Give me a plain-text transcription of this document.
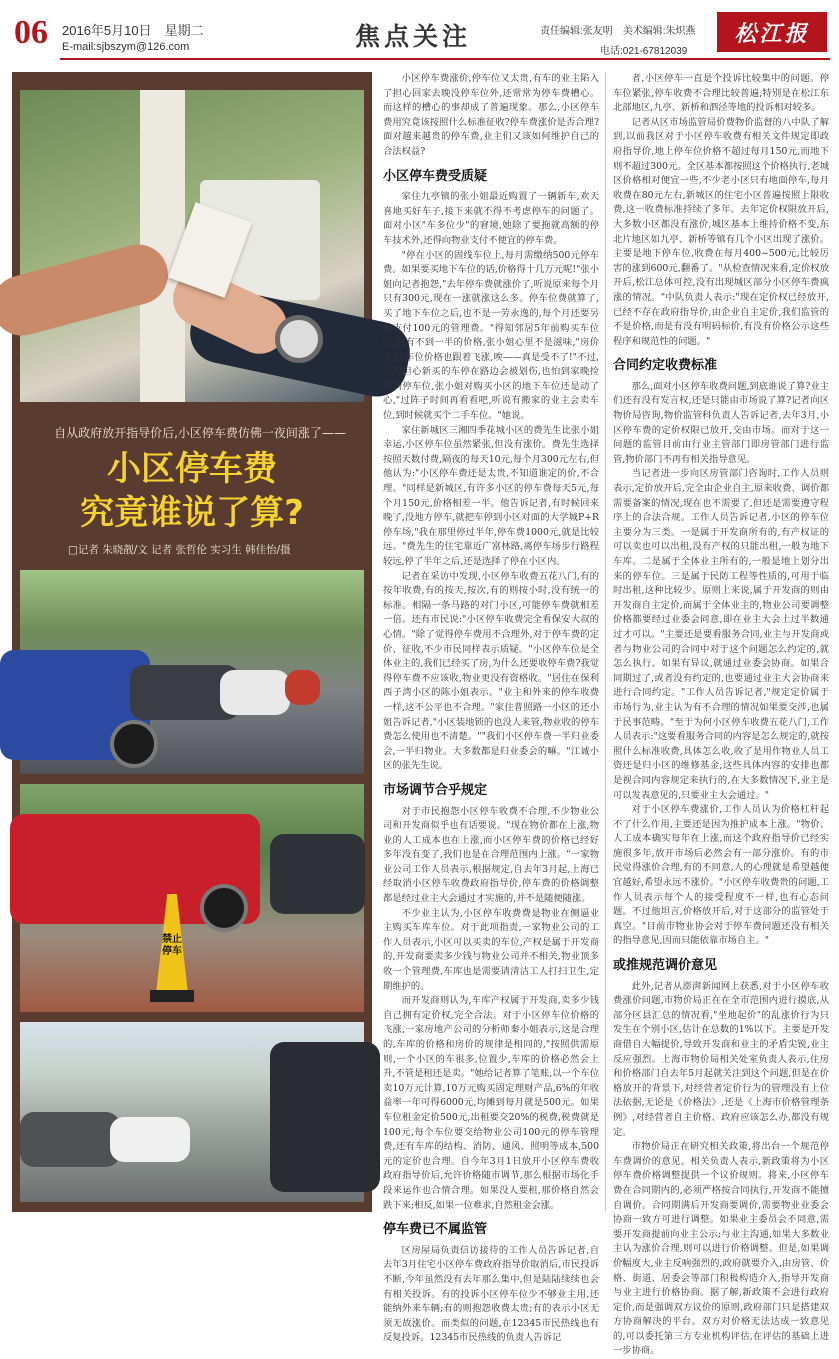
06 2016年5月10日　星期二
E-mail:sjbszym@126.com	焦点关注	责任编辑:张友明　美术编辑:朱炽燕
电话:021-67812039
松江报
自从政府放开指导价后,小区停车费仿佛一夜间涨了——
小区停车费
究竟谁说了算?
□记者 朱晓靓/文 记者 张哲伦 实习生 韩佳怡/摄
禁止停车

小区停车费涨价,停车位又太贵,有车的业主陷入了担心回家去晚没停车位外,还常常为停车费槽心。而这样的槽心的事却成了普遍现象。那么,小区停车费用究竟该按照什么标准征收?停车费涨价是否合理?面对越来越贵的停车费,业主们又该如何维护自己的合法权益?

小区停车费受质疑

家住九亭镇的张小姐最近购置了一辆新车,欢天喜地买好车子,接下来就不得不考虑停车的问题了。面对小区"车多位少"的窘境,她除了要拖就高额的停车技术外,还得向物业支付不便宜的停车费。

"停在小区的固线车位上,每月需缴纳500元停车费。如果要买地下车位的话,价格得十几万元呢!"张小姐向记者抱怨,"去年停车费就涨价了,听说原来每个月只有300元,现在一涨就涨这么多。停车位费就算了,买了地下车位之后,也不是一劳永逸的,每个月还要另外支付100元的管理费。"得知邻居5年前购买车位时,只有不到一半的价格,张小姐心里不是滋味,"房价飞涨,车位价格也跟着飞涨,唉——真是受不了!"不过,因为担心新买的车停在路边会被划伤,也怕到家晚捡不到停车位,张小姐对购买小区的地下车位还是动了心,"过阵子时间再看看吧,听说有搬家的业主会卖车位,到时候就买个二手车位。"她说。

家住新城区三湘四季花城小区的费先生比张小姐幸运,小区停车位虽然紧张,但没有涨价。费先生选择按照天数付费,隔夜的每天10元,每个月300元左右,但他认为:"小区停车费还是太贵,不知道谁定的价,不合理。"同样是新城区,有许多小区的停车费每天5元,每个月150元,价格相差一半。他告诉记者,有时候回来晚了,没地方停车,就把车停到小区对面的大学城P+R停车场,"我在那里停过半年,停车费1000元,就是比较远。"费先生的住宅靠近广富林路,离停车场步行路程较远,停了半年之后,还是选择了停在小区内。

记者在采访中发现,小区停车收费五花八门,有的按年收费,有的按天,按次,有的则按小时,没有统一的标准。相隔一条马路的对门小区,可能停车费就相差一倍。还有市民说:"小区停车收费完全看保安大叔的心情。"除了觉得停车费用不合理外,对于停车费的定价、征收,不少市民同样表示质疑。"小区停车位是全体业主的,我们已经买了房,为什么还要收停车费?我觉得停车费不应该收,物业更没有资格收。"居住在保利西子湾小区的陈小姐表示。"业主和外来的停车收费一样,这不公平也不合理。"家住普照路一小区的还小姐告诉记者,"小区装地锁的也没人来管,物业收的停车费怎么使用也不清楚。""我们小区停车费一半归业委会,一半归物业。大多数都是归业委会的嘛。"江诚小区的张先生说。

市场调节合乎规定

对于市民抱怨小区停车收费不合理,不少物业公司和开发商似乎也有话要说。"现在物价都在上涨,物业的人工成本也在上涨,而小区停车费的价格已经好多年没有变了,我们也是在合理范围内上涨。"一家物业公司工作人员表示,根据规定,自去年3月起,上海已经取消小区停车收费政府指导价,停车费的价格调整都是经过业主大会通过才实施的,并不是随便随涨。

不少业主认为,小区停车收费费是物业在侧逼业主购买车库车位。对于此项指责,一家物业公司的工作人员表示,小区可以买卖的车位,产权是属于开发商的,开发商要卖多少钱与物业公司并不相关,物业顶多收一个管理费,车库也是需要请清洁工人打扫卫生,定期维护的。

而开发商则认为,车库产权属于开发商,卖多少钱自己拥有定价权,完全合法。对于小区停车位价格的飞涨,一家房地产公司的分析师秦小姐表示,这是合理的,车库的价格和房价的规律是相同的,"按照供需原则,一个小区的车很多,位置少,车库的价格必然会上升,不管是租还是卖。"她给记者算了笔账,以一个车位卖10万元计算,10万元购买固定理财产品,6%的年收益率一年可得6000元,均摊到每月就是500元。如果车位租金定价500元,出租要交20%的税费,税费就是100元,每个车位要交给物业公司100元的停车管理费,还有车库的结构、消防、通风、照明等成本,500元的定价也合理。自今年3月1日放开小区停车费收政府指导价后,允许价格随市调节,那么根据市场化手段来运作也合情合理。如果没人要租,那价格自然会跌下来;相反,如果一位难求,自然租金会涨。

停车费已不属监管

区房屋局负责信访接待的工作人员告诉记者,自去年3月住宅小区停车费政府指导价取消后,市民投诉不断,今年虽然没有去年那么集中,但是陆陆续续也会有相关投诉。有的投诉小区停车位少不够业主用,还能纳外来车辆;有的则抱怨收费太贵;有的表示小区无须无故涨价。而类似的问题,在12345市民热线也有反复投诉。12345市民热线的负责人告诉记

者,小区停车一直是个投诉比较集中的问题。停车位紧张,停车收费不合理比较普遍,特别是在松江东北部地区,九亭、新桥和泗泾等地的投诉相对较多。

记者从区市场监管局价费物价监督的八中队了解到,以前我区对于小区停车收费有相关文件规定即政府指导价,地上停车位价格不超过每月150元,而地下则不超过300元。全区基本都按照这个价格执行,老城区价格相对便宜一些,不少老小区只有地面停车,每月收费在80元左右,新城区的住宅小区普遍按照上限收费,这一收费标准持续了多年。去年定价权限放开后,大多数小区都没有涨价,城区基本上维持价格不变,东北片地区如九亭、新桥等镇有几个小区出现了涨价。主要是地下停车位,收费在每月400~500元,比较厉害的涨到600元,翻番了。"从检查情况来看,定价权放开后,松江总体可控,没有出现城区部分小区停车费疯涨的情况。"中队负责人表示:"现在定价权已经放开,已经不存在政府指导价,由企业自主定价,我们监管的不是价格,而是有没有明码标价,有没有价格公示这些程序和规范性的问题。"

合同约定收费标准

那么,面对小区停车收费问题,到底谁说了算?业主们还有没有发言权,还是只能由市场说了算?记者向区物价局咨询,物价监管科负责人告诉记者,去年3月,小区停车费的定价权限已放开,交由市场。而对于这一问题的监管目前由行业主管部门即房管部门进行监管,物价部门不再有相关指导意见。

当记者进一步向区房管部门咨询时,工作人员则表示,定价放开后,完全由企业自主,原来收费、调价都需要备案的情况,现在也不需要了,但还是需要遵守程序上的合法合规。工作人员告诉记者,小区的停车位主要分为三类。一是属于开发商所有的,有产权证的可以卖也可以出租,没有产权的只能出租,一般为地下车库。二是属于全体业主所有的,一般是地上划分出来的停车位。三是属于民防工程等性质的,可用于临时出租,这种比较少。原则上来说,属于开发商的则由开发商自主定价,而属于全体业主的,物业公司要调整价格都要经过业委会同意,即在业主大会上过半数通过才可以。"主要还是要看服务合同,业主与开发商或者与物业公司的合同中对于这个问题怎么约定的,就怎么执行。如果有异议,就通过业委会协商。如果合同期过了,或者没有约定的,也要通过业主大会协商来进行合同约定。"工作人员告诉记者,"规定定价属于市场行为,业主认为有不合理的情况如果要交涉,也属于民事范畴。"至于为何小区停车收费五花八门,工作人员表示:"这要看服务合同的内容是怎么规定的,就按照什么标准收费,具体怎么收,收了是用作物业人员工资还是归小区的维修基金,这些具体内容的安排也都是视合同内容规定来执行的,在大多数情况下,业主是可以发表意见的,只要业主大会通过。"

对于小区停车费涨价,工作人员认为价格杠杆起不了什么作用,主要还是因为推护成本上涨。"物价、人工成本确实每年在上涨,而这个政府指导价已经实施很多年,放开市场后必然会有一部分涨价。有的市民觉得涨价合理,有的不同意,人的心理就是希望越便宜越好,希望永远不涨价。"小区停车收费贵的问题,工作人员表示每个人的接受程度不一样,也有心态问题。不过他坦言,价格放开后,对于这部分的监管处于真空。"目前市物业协会对于停车费问题还没有相关的指导意见,因而只能依靠市场自主。"

或推规范调价意见

此外,记者从澎湃新闻网上获悉,对于小区停车收费涨价问题,市物价局正在在全市范围内进行摸底,从部分区县汇总的情况看,"坐地起价"的乱涨价行为只发生在个别小区,估计在总数的1%以下。主要是开发商借自大幅提价,导致开发商和业主的矛盾尖锐,业主反应强烈。上海市物价局相关处室负责人表示,住房和价格部门自去年5月起就关注到这个问题,但是在价格放开的背景下,对经营者定价行为的管理没有上位法依据,无论是《价格法》,还是《上海市价格管理条例》,对经营者自主价格、政府应该怎么办,都没有规定。

市物价局正在研究相关政策,将出台一个规范停车费调价的意见。相关负责人表示,新政策将为小区停车费价格调整提供一个议价规则。将来,小区停车费在合同期内的,必须严格按合同执行,开发商不能擅自调价。合同期满后开发商要调价,需要物业业委会协商一致方可进行调整。如果业主委员会不同意,需要开发商提前向业主公示;与业主沟通,如果大多数业主认为涨价合理,则可以进行价格调整。但是,如果调价幅度大,业主反响强烈的,政府就要介入,由房管、价格、街道、居委会等部门积极构造介入,指导开发商与业主进行价格协商。据了解,新政策不会进行政府定价,而是强调双方议价的原则,政府部门只是搭建双方协商解决的平台。双方对价格无法达成一致意见的,可以委托第三方专业机构评估,在评估的基础上进一步协商。
